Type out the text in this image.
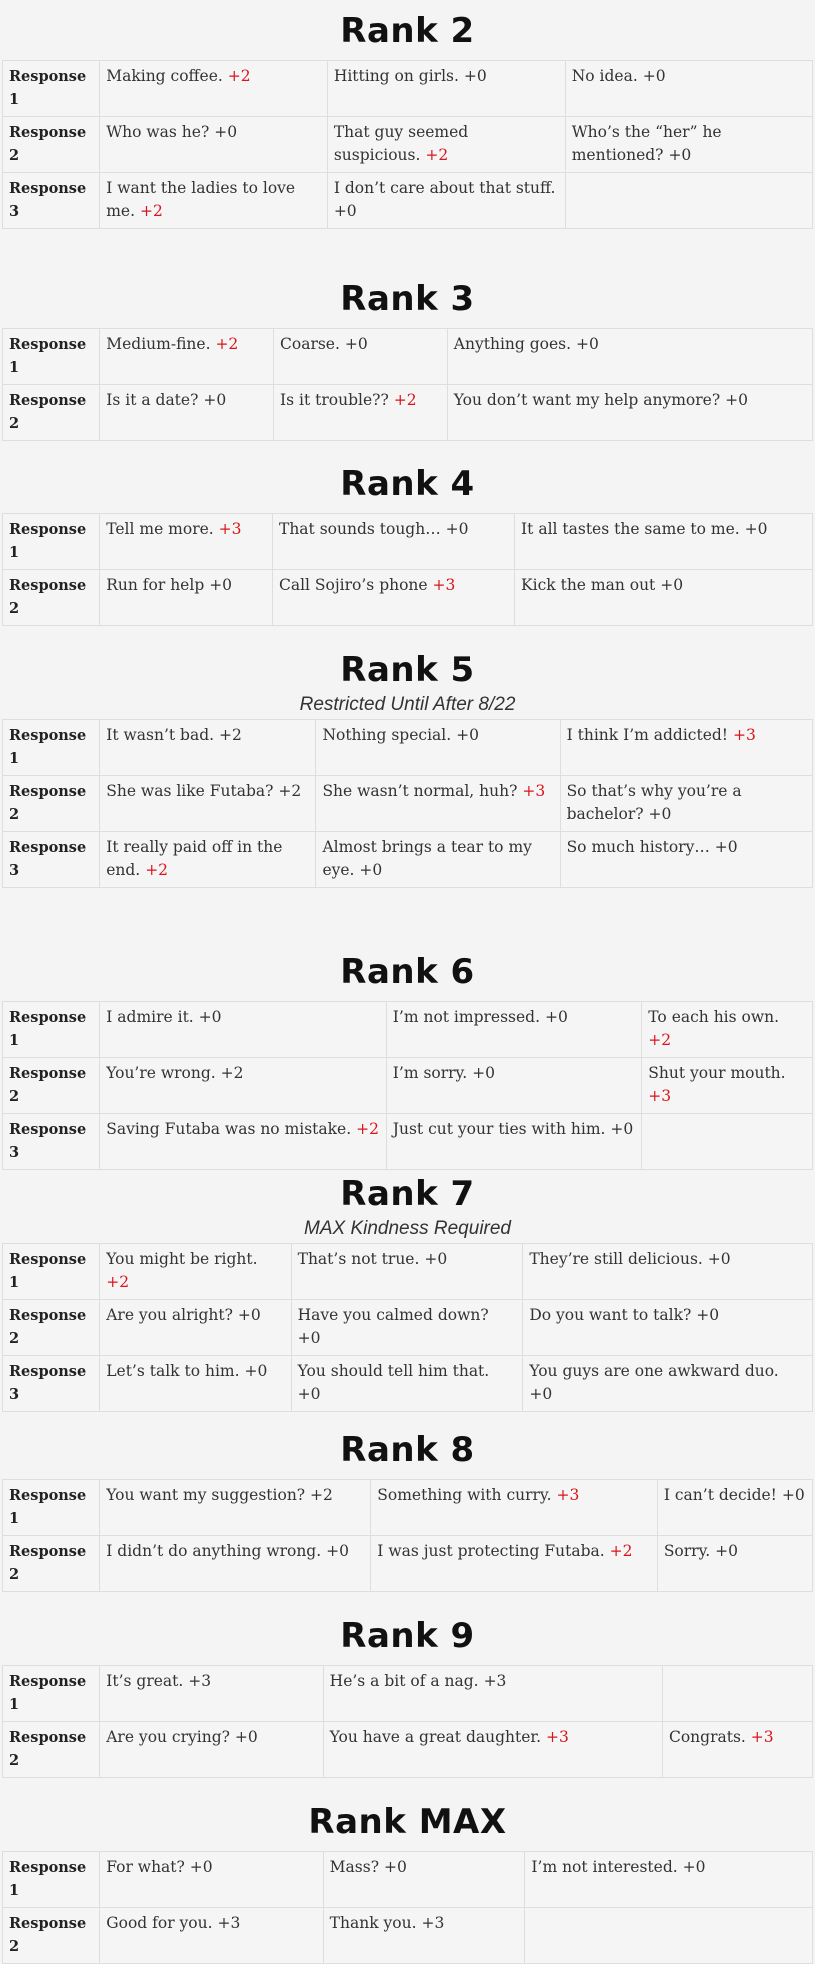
Rank 2
Response 1	Making coffee. +2	Hitting on girls. +0	No idea. +0
Response 2	Who was he? +0	That guy seemed suspicious. +2	Who’s the “her” he mentioned? +0
Response 3	I want the ladies to love me. +2	I don’t care about that stuff. +0	
Rank 3
Response 1	Medium-fine. +2	Coarse. +0	Anything goes. +0
Response 2	Is it a date? +0	Is it trouble?? +2	You don’t want my help anymore? +0
Rank 4
Response 1	Tell me more. +3	That sounds tough… +0	It all tastes the same to me. +0
Response 2	Run for help +0	Call Sojiro’s phone +3	Kick the man out +0
Rank 5
Restricted Until After 8/22
Response 1	It wasn’t bad. +2	Nothing special. +0	I think I’m addicted! +3
Response 2	She was like Futaba? +2	She wasn’t normal, huh? +3	So that’s why you’re a bachelor? +0
Response 3	It really paid off in the end. +2	Almost brings a tear to my eye. +0	So much history… +0
Rank 6
Response 1	I admire it. +0	I’m not impressed. +0	To each his own. +2
Response 2	You’re wrong. +2	I’m sorry. +0	Shut your mouth. +3
Response 3	Saving Futaba was no mistake. +2	Just cut your ties with him. +0	
Rank 7
MAX Kindness Required
Response 1	You might be right. +2	That’s not true. +0	They’re still delicious. +0
Response 2	Are you alright? +0	Have you calmed down? +0	Do you want to talk? +0
Response 3	Let’s talk to him. +0	You should tell him that. +0	You guys are one awkward duo. +0
Rank 8
Response 1	You want my suggestion? +2	Something with curry. +3	I can’t decide! +0
Response 2	I didn’t do anything wrong. +0	I was just protecting Futaba. +2	Sorry. +0
Rank 9
Response 1	It’s great. +3	He’s a bit of a nag. +3	
Response 2	Are you crying? +0	You have a great daughter. +3	Congrats. +3
Rank MAX
Response 1	For what? +0	Mass? +0	I’m not interested. +0
Response 2	Good for you. +3	Thank you. +3	
